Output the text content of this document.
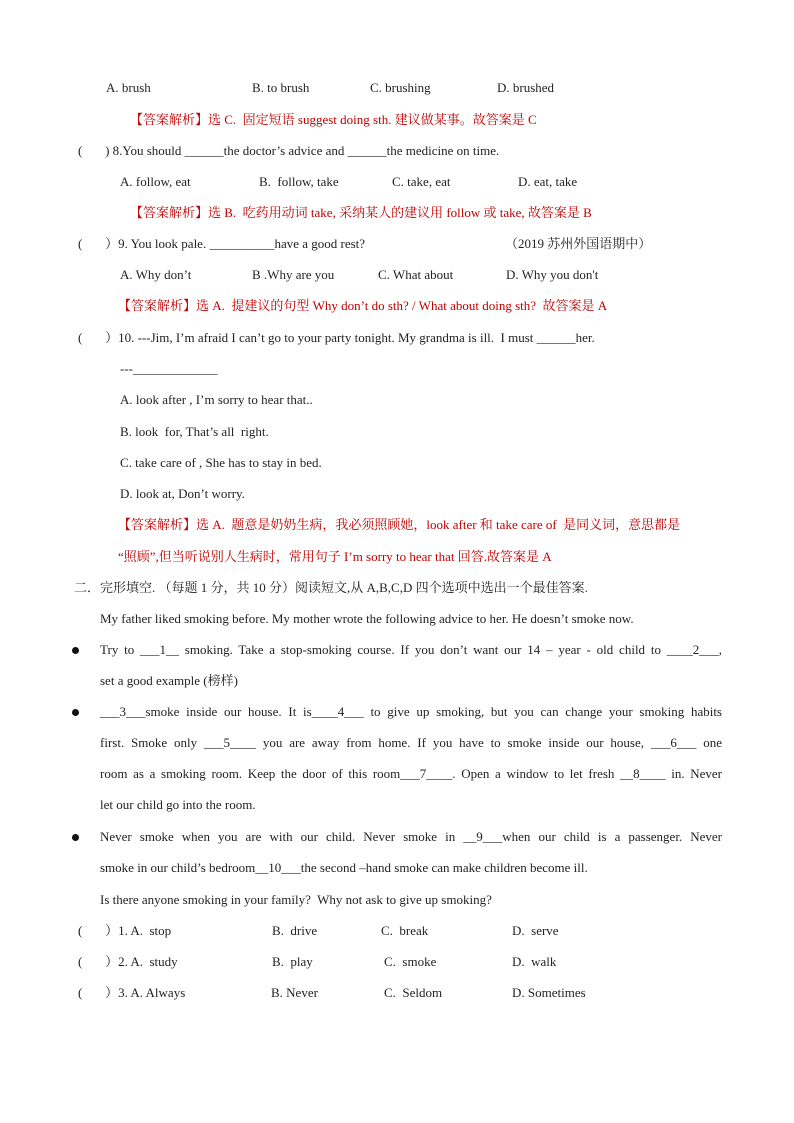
A. brush	B. to brush	C. brushing	D. brushed
【答案解析】选 C.  固定短语 suggest doing sth. 建议做某事。故答案是 C
(       ) 8.You should ______the doctor’s advice and ______the medicine on time.
A. follow, eat	B.  follow, take	C. take, eat	D. eat, take
【答案解析】选 B.  吃药用动词 take, 采纳某人的建议用 follow 或 take, 故答案是 B
(       ）9. You look pale. __________have a good rest?	（2019 苏州外国语期中）
A. Why don’t	B .Why are you	C. What about	D. Why you don't
【答案解析】选 A.  提建议的句型 Why don’t do sth? / What about doing sth?  故答案是 A
(       ）10. ---Jim, I’m afraid I can’t go to your party tonight. My grandma is ill.  I must ______her.
---_____________
A. look after , I’m sorry to hear that..
B. look  for, That’s all  right.
C. take care of , She has to stay in bed.
D. look at, Don’t worry.
【答案解析】选 A.  题意是奶奶生病，我必须照顾她，look after 和 take care of  是同义词，意思都是
“照顾”,但当听说别人生病时，常用句子 I’m sorry to hear that 回答.故答案是 A
二．完形填空. （每题 1 分，共 10 分）阅读短文,从 A,B,C,D 四个选项中选出一个最佳答案.
My father liked smoking before. My mother wrote the following advice to her. He doesn’t smoke now.
Try to ___1__ smoking. Take a stop-smoking course. If you don’t want our 14 – year - old child to ____2___,
set a good example (榜样)
___3___smoke inside our house. It is____4___ to give up smoking, but you can change your smoking habits
first. Smoke only ___5____ you are away from home. If you have to smoke inside our house, ___6___ one
room as a smoking room. Keep the door of this room___7____. Open a window to let fresh __8____ in. Never
let our child go into the room.
Never smoke when you are with our child. Never smoke in __9___when our child is a passenger. Never
smoke in our child’s bedroom__10___the second –hand smoke can make children become ill.
Is there anyone smoking in your family?  Why not ask to give up smoking?
(       ）1. A.  stop	B.  drive	C.  break	D.  serve
(       ）2. A.  study	B.  play	C.  smoke	D.  walk
(       ）3. A. Always	B. Never	C.  Seldom	D. Sometimes
